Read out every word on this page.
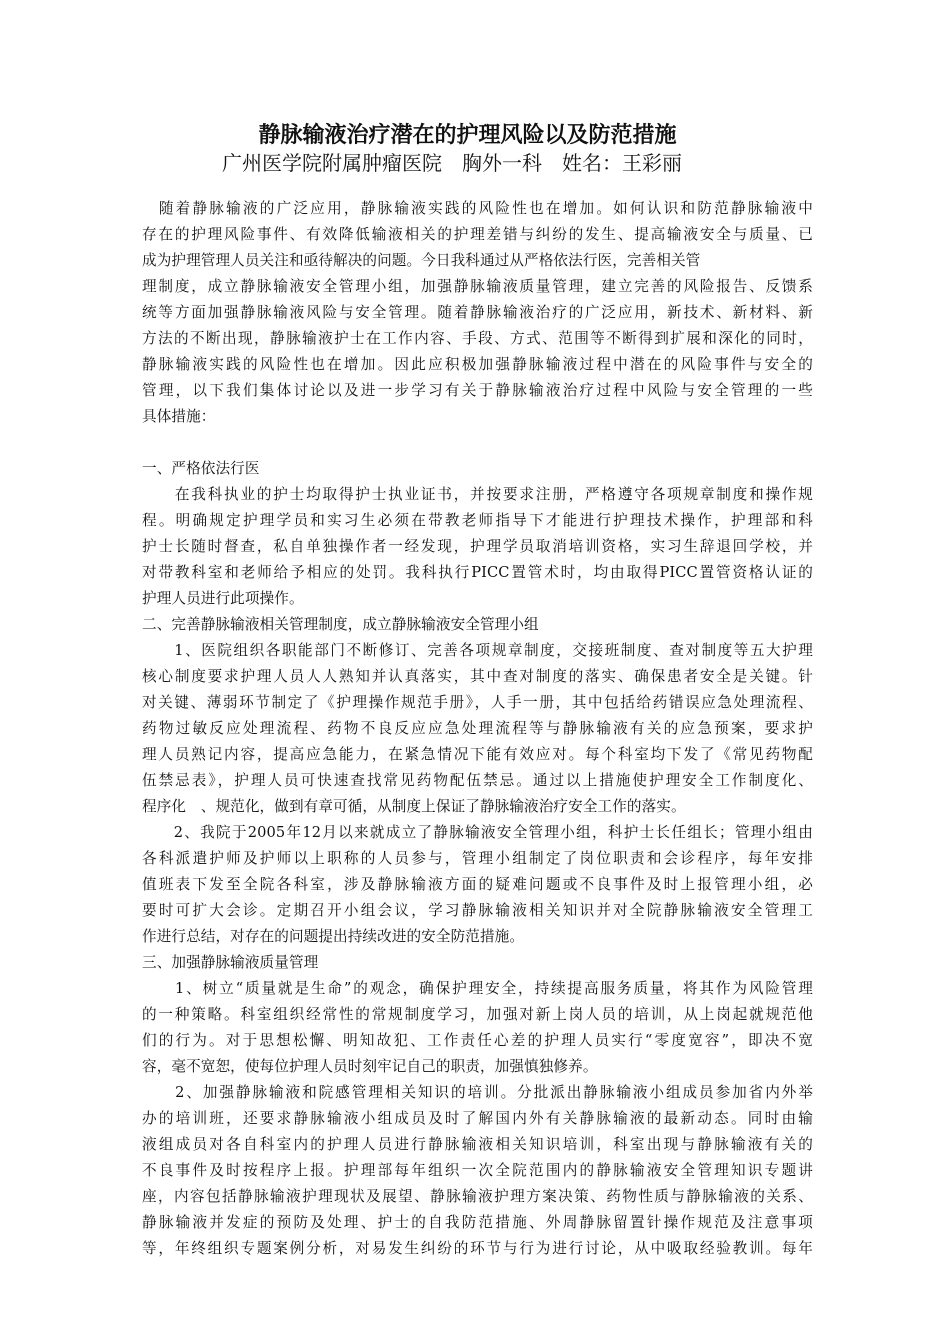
静脉输液治疗潜在的护理风险以及防范措施
广州医学院附属肿瘤医院　胸外一科　姓名：王彩丽
　随着静脉输液的广泛应用，静脉输液实践的风险性也在增加。如何认识和防范静脉输液中
存在的护理风险事件、有效降低输液相关的护理差错与纠纷的发生、提高输液安全与质量、已
成为护理管理人员关注和亟待解决的问题。今日我科通过从严格依法行医，完善相关管
理制度，成立静脉输液安全管理小组，加强静脉输液质量管理，建立完善的风险报告、反馈系
统等方面加强静脉输液风险与安全管理。随着静脉输液治疗的广泛应用，新技术、新材料、新
方法的不断出现，静脉输液护士在工作内容、手段、方式、范围等不断得到扩展和深化的同时，
静脉输液实践的风险性也在增加。因此应积极加强静脉输液过程中潜在的风险事件与安全的
管理，以下我们集体讨论以及进一步学习有关于静脉输液治疗过程中风险与安全管理的一些
具体措施：
一、严格依法行医
　　在我科执业的护士均取得护士执业证书，并按要求注册，严格遵守各项规章制度和操作规
程。明确规定护理学员和实习生必须在带教老师指导下才能进行护理技术操作，护理部和科
护士长随时督查，私自单独操作者一经发现，护理学员取消培训资格，实习生辞退回学校，并
对带教科室和老师给予相应的处罚。我科执行PICC置管术时，均由取得PICC置管资格认证的
护理人员进行此项操作。
二、完善静脉输液相关管理制度，成立静脉输液安全管理小组
　　1、医院组织各职能部门不断修订、完善各项规章制度，交接班制度、查对制度等五大护理
核心制度要求护理人员人人熟知并认真落实，其中查对制度的落实、确保患者安全是关键。针
对关键、薄弱环节制定了《护理操作规范手册》，人手一册，其中包括给药错误应急处理流程、
药物过敏反应处理流程、药物不良反应应急处理流程等与静脉输液有关的应急预案，要求护
理人员熟记内容，提高应急能力，在紧急情况下能有效应对。每个科室均下发了《常见药物配
伍禁忌表》，护理人员可快速查找常见药物配伍禁忌。通过以上措施使护理安全工作制度化、
程序化　、规范化，做到有章可循，从制度上保证了静脉输液治疗安全工作的落实。
　　2、我院于2005年12月以来就成立了静脉输液安全管理小组，科护士长任组长；管理小组由
各科派遣护师及护师以上职称的人员参与，管理小组制定了岗位职责和会诊程序，每年安排
值班表下发至全院各科室，涉及静脉输液方面的疑难问题或不良事件及时上报管理小组，必
要时可扩大会诊。定期召开小组会议，学习静脉输液相关知识并对全院静脉输液安全管理工
作进行总结，对存在的问题提出持续改进的安全防范措施。
三、加强静脉输液质量管理
　　1、树立“质量就是生命”的观念，确保护理安全，持续提高服务质量，将其作为风险管理
的一种策略。科室组织经常性的常规制度学习，加强对新上岗人员的培训，从上岗起就规范他
们的行为。对于思想松懈、明知故犯、工作责任心差的护理人员实行“零度宽容”，即决不宽
容，毫不宽恕，使每位护理人员时刻牢记自己的职责，加强慎独修养。
　　2、加强静脉输液和院感管理相关知识的培训。分批派出静脉输液小组成员参加省内外举
办的培训班，还要求静脉输液小组成员及时了解国内外有关静脉输液的最新动态。同时由输
液组成员对各自科室内的护理人员进行静脉输液相关知识培训，科室出现与静脉输液有关的
不良事件及时按程序上报。护理部每年组织一次全院范围内的静脉输液安全管理知识专题讲
座，内容包括静脉输液护理现状及展望、静脉输液护理方案决策、药物性质与静脉输液的关系、
静脉输液并发症的预防及处理、护士的自我防范措施、外周静脉留置针操作规范及注意事项
等，年终组织专题案例分析，对易发生纠纷的环节与行为进行讨论，从中吸取经验教训。每年
